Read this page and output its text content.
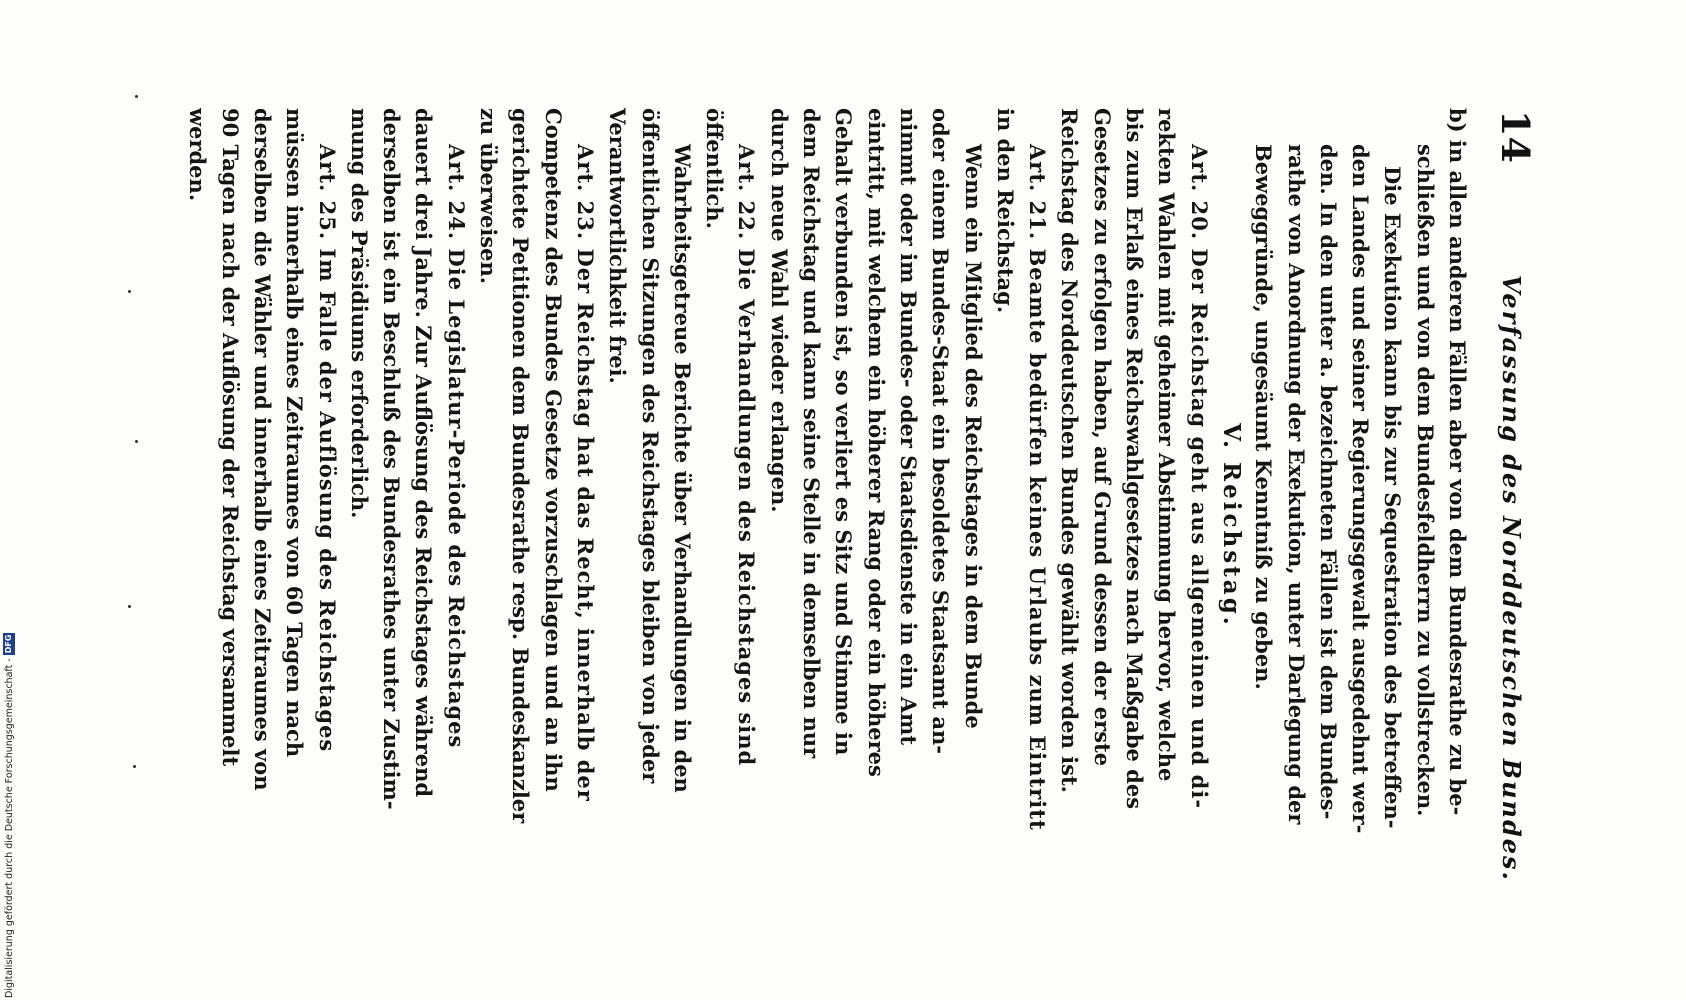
14
Verfassung des Norddeutschen Bundes.
b) in allen anderen Fällen aber von dem Bundesrathe zu be-
schließen und von dem Bundesfeldherrn zu vollstrecken.
Die Exekution kann bis zur Sequestration des betreffen-
den Landes und seiner Regierungsgewalt ausgedehnt wer-
den. In den unter a. bezeichneten Fällen ist dem Bundes-
rathe von Anordnung der Exekution, unter Darlegung der
Beweggründe, ungesäumt Kenntniß zu geben.
V. Reichstag.
Art. 20. Der Reichstag geht aus allgemeinen und di-
rekten Wahlen mit geheimer Abstimmung hervor, welche
bis zum Erlaß eines Reichswahlgesetzes nach Maßgabe des
Gesetzes zu erfolgen haben, auf Grund dessen der erste
Reichstag des Norddeutschen Bundes gewählt worden ist.
Art. 21. Beamte bedürfen keines Urlaubs zum Eintritt
in den Reichstag.
Wenn ein Mitglied des Reichstages in dem Bunde
oder einem Bundes-Staat ein besoldetes Staatsamt an-
nimmt oder im Bundes- oder Staatsdienste in ein Amt
eintritt, mit welchem ein höherer Rang oder ein höheres
Gehalt verbunden ist, so verliert es Sitz und Stimme in
dem Reichstag und kann seine Stelle in demselben nur
durch neue Wahl wieder erlangen.
Art. 22. Die Verhandlungen des Reichstages sind
öffentlich.
Wahrheitsgetreue Berichte über Verhandlungen in den
öffentlichen Sitzungen des Reichstages bleiben von jeder
Verantwortlichkeit frei.
Art. 23. Der Reichstag hat das Recht, innerhalb der
Competenz des Bundes Gesetze vorzuschlagen und an ihn
gerichtete Petitionen dem Bundesrathe resp. Bundeskanzler
zu überweisen.
Art. 24. Die Legislatur-Periode des Reichstages
dauert drei Jahre. Zur Auflösung des Reichstages während
derselben ist ein Beschluß des Bundesrathes unter Zustim-
mung des Präsidiums erforderlich.
Art. 25. Im Falle der Auflösung des Reichstages
müssen innerhalb eines Zeitraumes von 60 Tagen nach
derselben die Wähler und innerhalb eines Zeitraumes von
90 Tagen nach der Auflösung der Reichstag versammelt
werden.
Digitalisierung gefördert durch die Deutsche Forschungsgemeinschaft -
DFG
